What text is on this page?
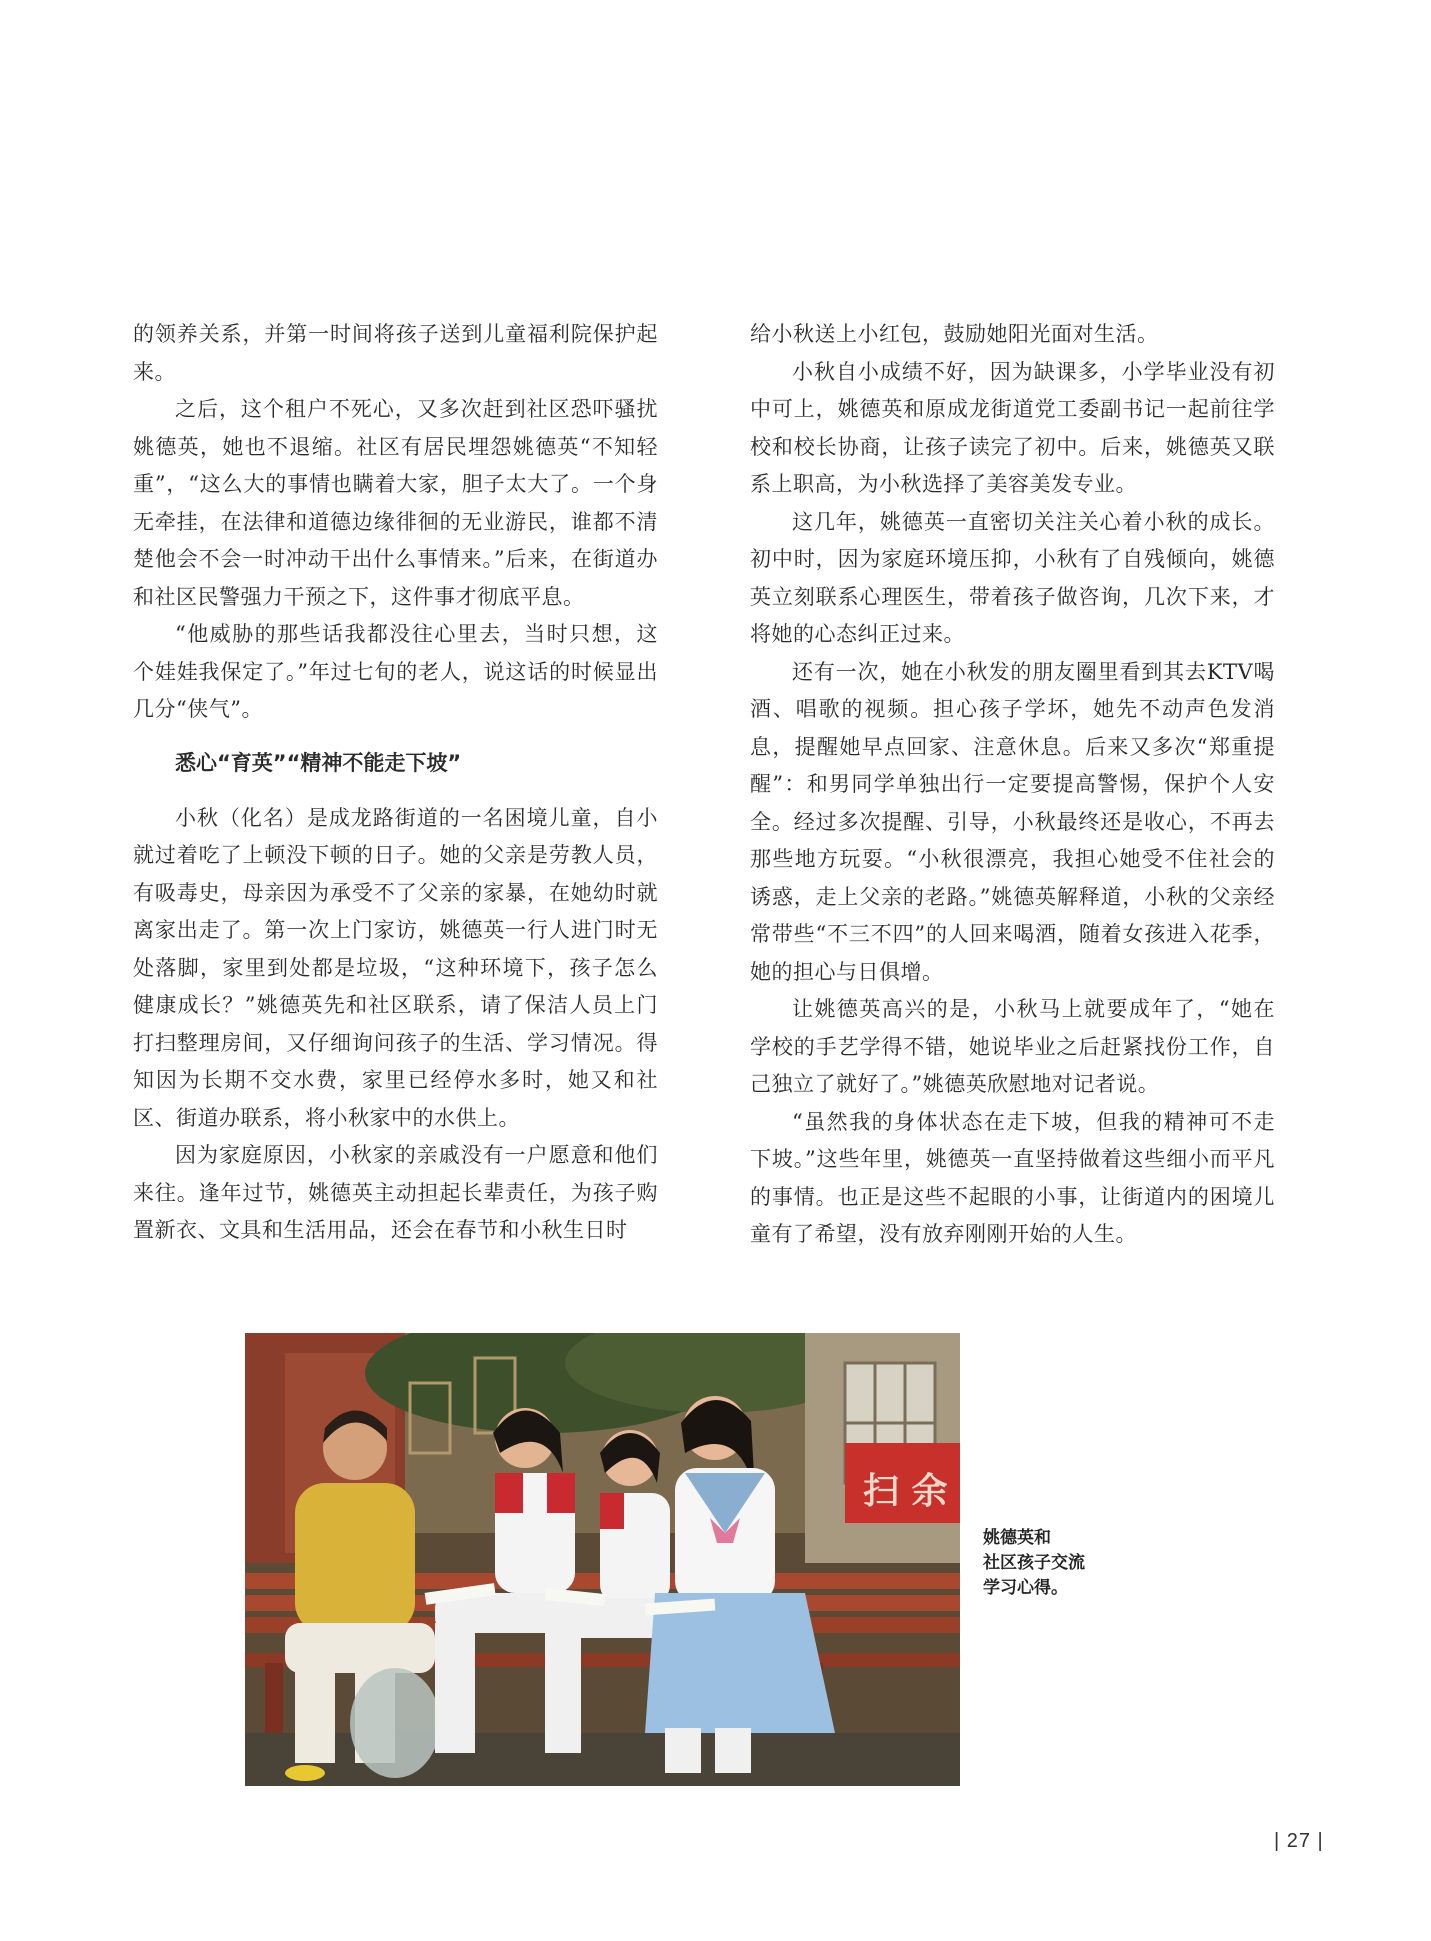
的领养关系，并第一时间将孩子送到儿童福利院保护起来。

之后，这个租户不死心，又多次赶到社区恐吓骚扰姚德英，她也不退缩。社区有居民埋怨姚德英“不知轻重”，“这么大的事情也瞒着大家，胆子太大了。一个身无牵挂，在法律和道德边缘徘徊的无业游民，谁都不清楚他会不会一时冲动干出什么事情来。”后来，在街道办和社区民警强力干预之下，这件事才彻底平息。

“他威胁的那些话我都没往心里去，当时只想，这个娃娃我保定了。”年过七旬的老人，说这话的时候显出几分“侠气”。

悉心“育英”“精神不能走下坡”

小秋（化名）是成龙路街道的一名困境儿童，自小就过着吃了上顿没下顿的日子。她的父亲是劳教人员，有吸毒史，母亲因为承受不了父亲的家暴，在她幼时就离家出走了。第一次上门家访，姚德英一行人进门时无处落脚，家里到处都是垃圾，“这种环境下，孩子怎么健康成长？”姚德英先和社区联系，请了保洁人员上门打扫整理房间，又仔细询问孩子的生活、学习情况。得知因为长期不交水费，家里已经停水多时，她又和社区、街道办联系，将小秋家中的水供上。

因为家庭原因，小秋家的亲戚没有一户愿意和他们来往。逢年过节，姚德英主动担起长辈责任，为孩子购置新衣、文具和生活用品，还会在春节和小秋生日时

给小秋送上小红包，鼓励她阳光面对生活。

小秋自小成绩不好，因为缺课多，小学毕业没有初中可上，姚德英和原成龙街道党工委副书记一起前往学校和校长协商，让孩子读完了初中。后来，姚德英又联系上职高，为小秋选择了美容美发专业。

这几年，姚德英一直密切关注关心着小秋的成长。初中时，因为家庭环境压抑，小秋有了自残倾向，姚德英立刻联系心理医生，带着孩子做咨询，几次下来，才将她的心态纠正过来。

还有一次，她在小秋发的朋友圈里看到其去KTV喝酒、唱歌的视频。担心孩子学坏，她先不动声色发消息，提醒她早点回家、注意休息。后来又多次“郑重提醒”：和男同学单独出行一定要提高警惕，保护个人安全。经过多次提醒、引导，小秋最终还是收心，不再去那些地方玩耍。“小秋很漂亮，我担心她受不住社会的诱惑，走上父亲的老路。”姚德英解释道，小秋的父亲经常带些“不三不四”的人回来喝酒，随着女孩进入花季，她的担心与日俱增。

让姚德英高兴的是，小秋马上就要成年了，“她在学校的手艺学得不错，她说毕业之后赶紧找份工作，自己独立了就好了。”姚德英欣慰地对记者说。

“虽然我的身体状态在走下坡，但我的精神可不走下坡。”这些年里，姚德英一直坚持做着这些细小而平凡的事情。也正是这些不起眼的小事，让街道内的困境儿童有了希望，没有放弃刚刚开始的人生。

扫 余
姚德英和
社区孩子交流
学习心得。
| 27 |
